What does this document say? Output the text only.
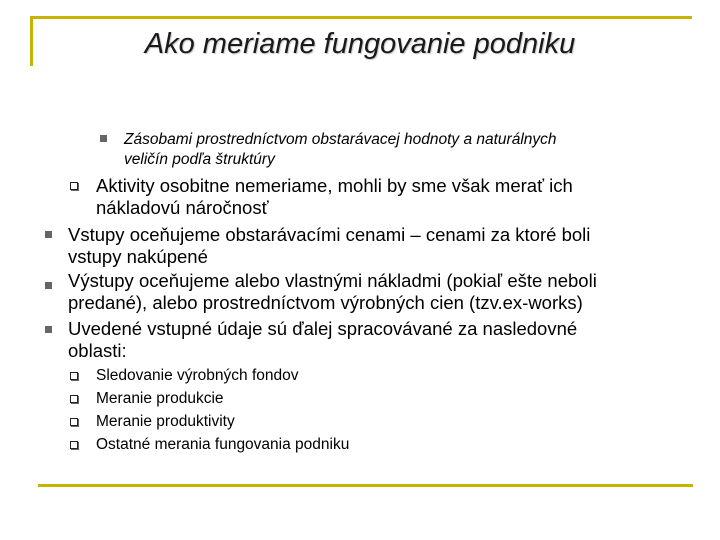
Ako meriame fungovanie podniku

Zásobami prostredníctvom obstarávacej hodnoty a naturálnych

veličín podľa štruktúry

Aktivity osobitne nemeriame, mohli by sme však merať ich

nákladovú náročnosť

Vstupy oceňujeme obstarávacími cenami – cenami za ktoré boli

vstupy nakúpené

Výstupy oceňujeme alebo vlastnými nákladmi (pokiaľ ešte neboli

predané), alebo prostredníctvom výrobných cien (tzv.ex-works)

Uvedené vstupné údaje sú ďalej spracovávané za nasledovné

oblasti:

Sledovanie výrobných fondov

Meranie produkcie

Meranie produktivity

Ostatné merania fungovania podniku
